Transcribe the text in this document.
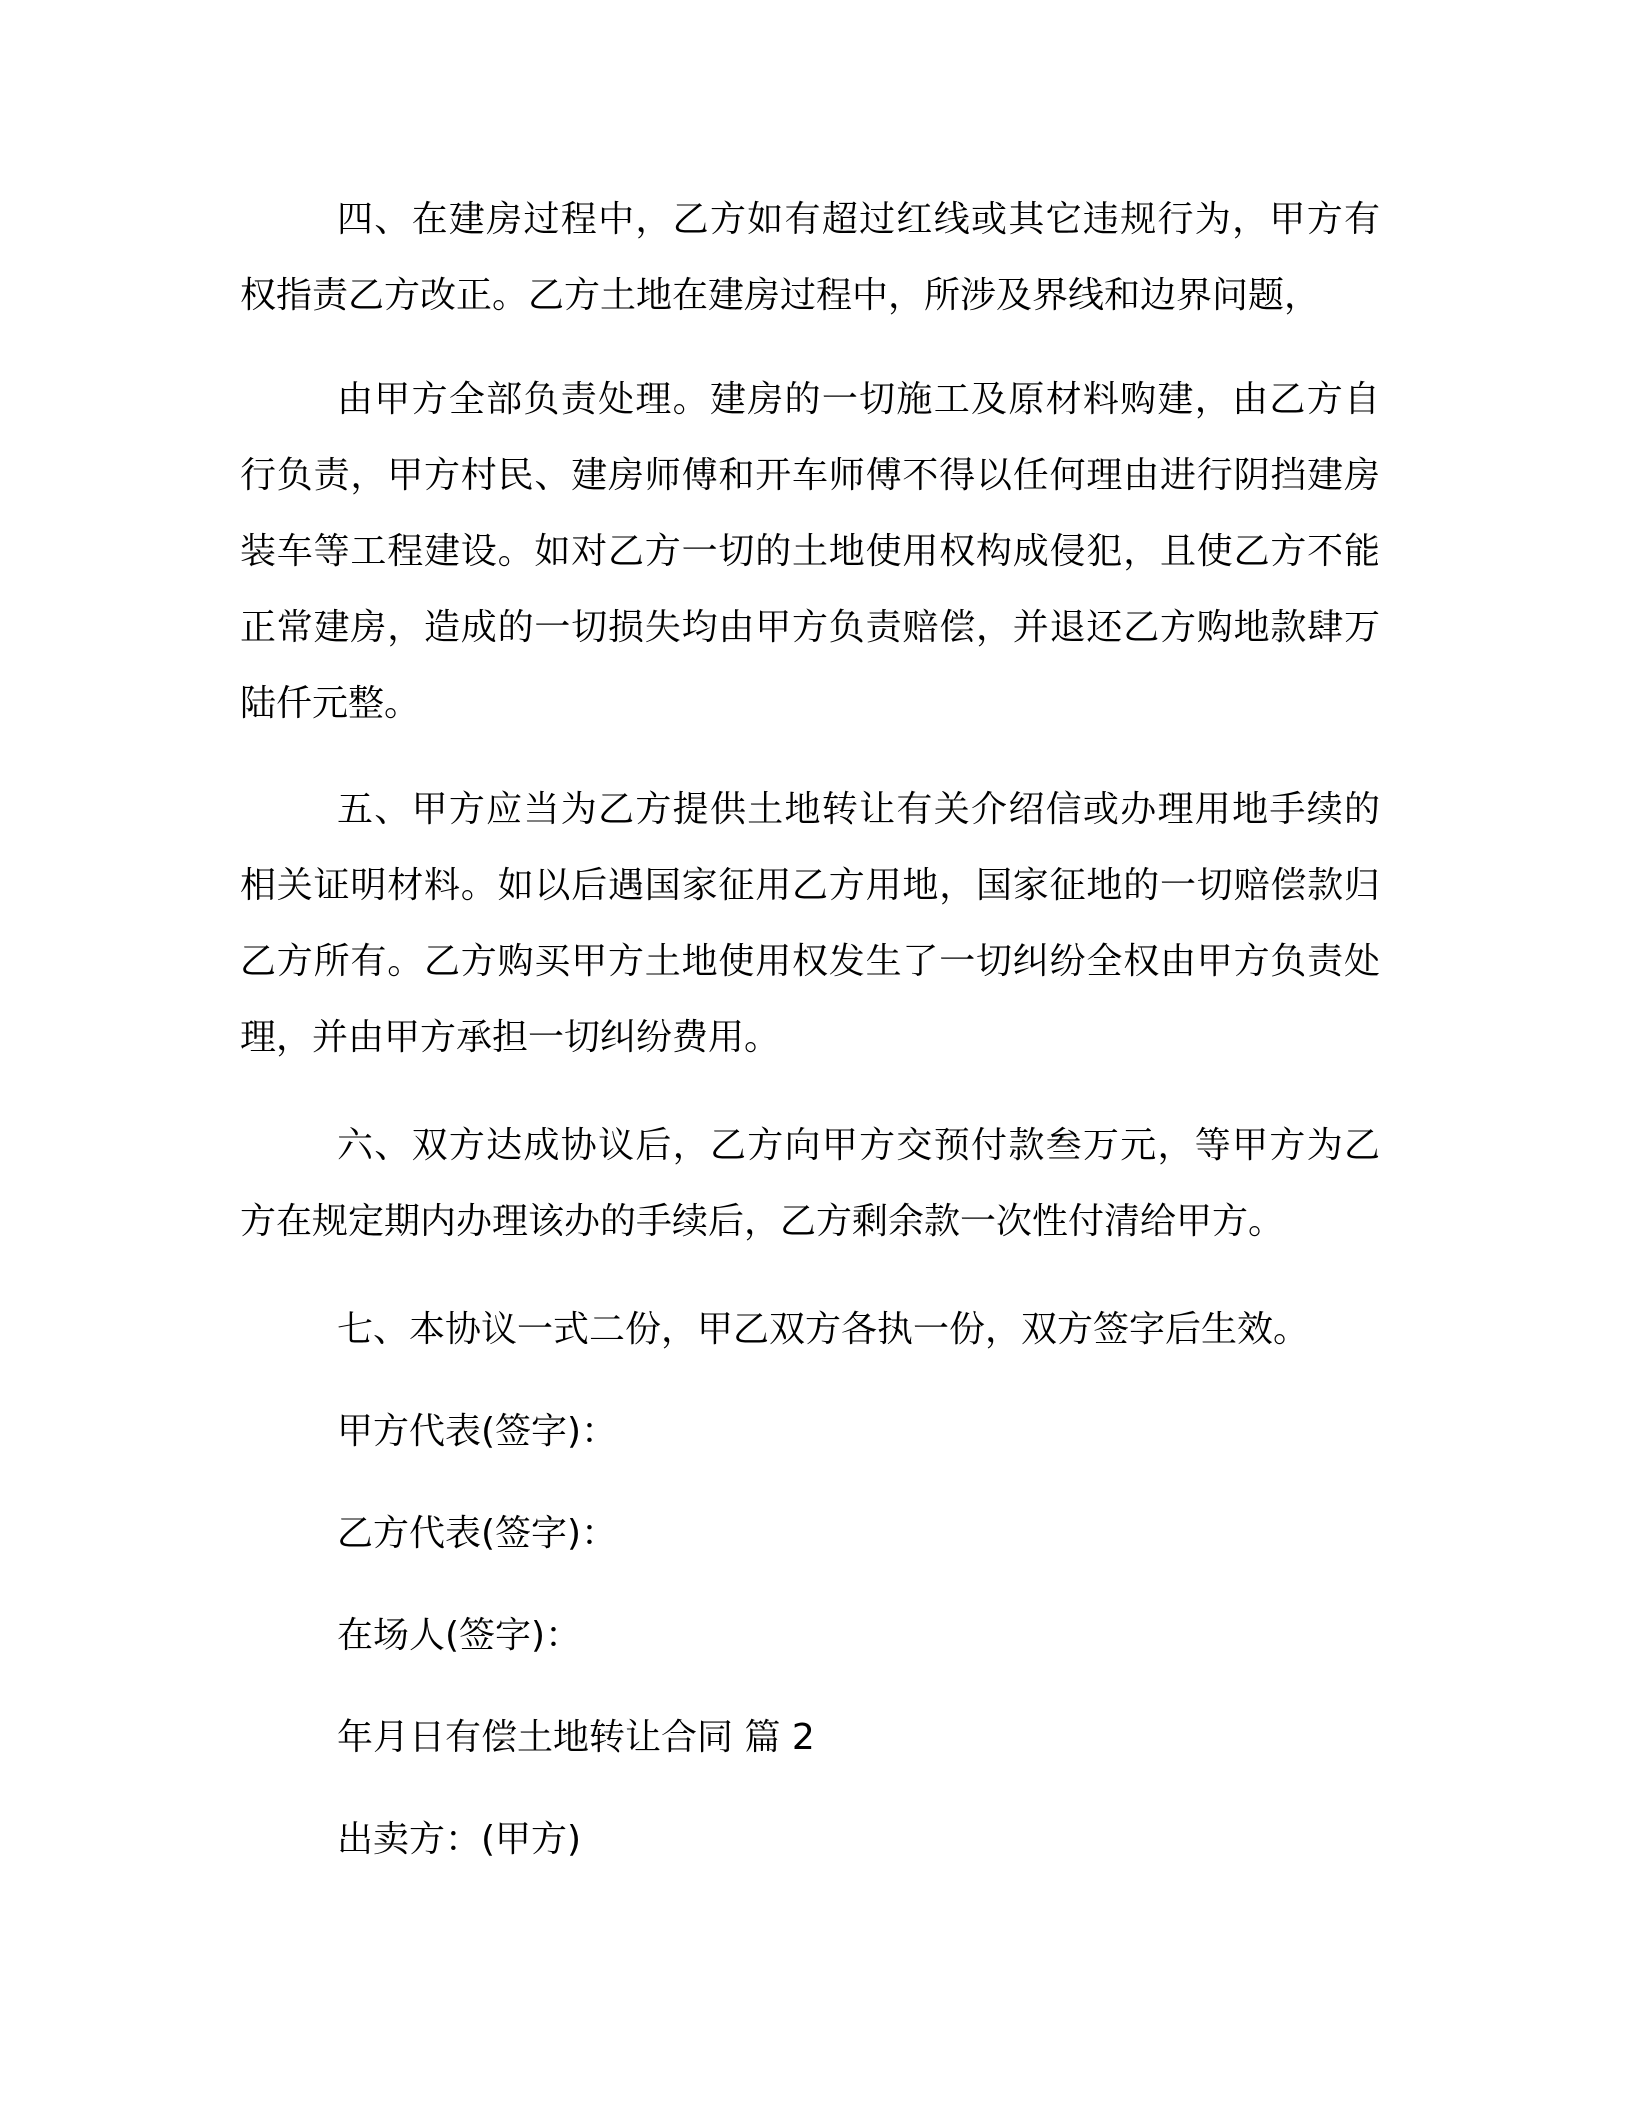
四、在建房过程中，乙方如有超过红线或其它违规行为，甲方有权指责乙方改正。乙方土地在建房过程中，所涉及界线和边界问题，

由甲方全部负责处理。建房的一切施工及原材料购建，由乙方自行负责，甲方村民、建房师傅和开车师傅不得以任何理由进行阴挡建房装车等工程建设。如对乙方一切的土地使用权构成侵犯，且使乙方不能正常建房，造成的一切损失均由甲方负责赔偿，并退还乙方购地款肆万陆仟元整。

五、甲方应当为乙方提供土地转让有关介绍信或办理用地手续的相关证明材料。如以后遇国家征用乙方用地，国家征地的一切赔偿款归乙方所有。乙方购买甲方土地使用权发生了一切纠纷全权由甲方负责处理，并由甲方承担一切纠纷费用。

六、双方达成协议后，乙方向甲方交预付款叁万元，等甲方为乙方在规定期内办理该办的手续后，乙方剩余款一次性付清给甲方。

七、本协议一式二份，甲乙双方各执一份，双方签字后生效。

甲方代表(签字)：

乙方代表(签字)：

在场人(签字)：

年月日有偿土地转让合同 篇 2

出卖方：(甲方)
